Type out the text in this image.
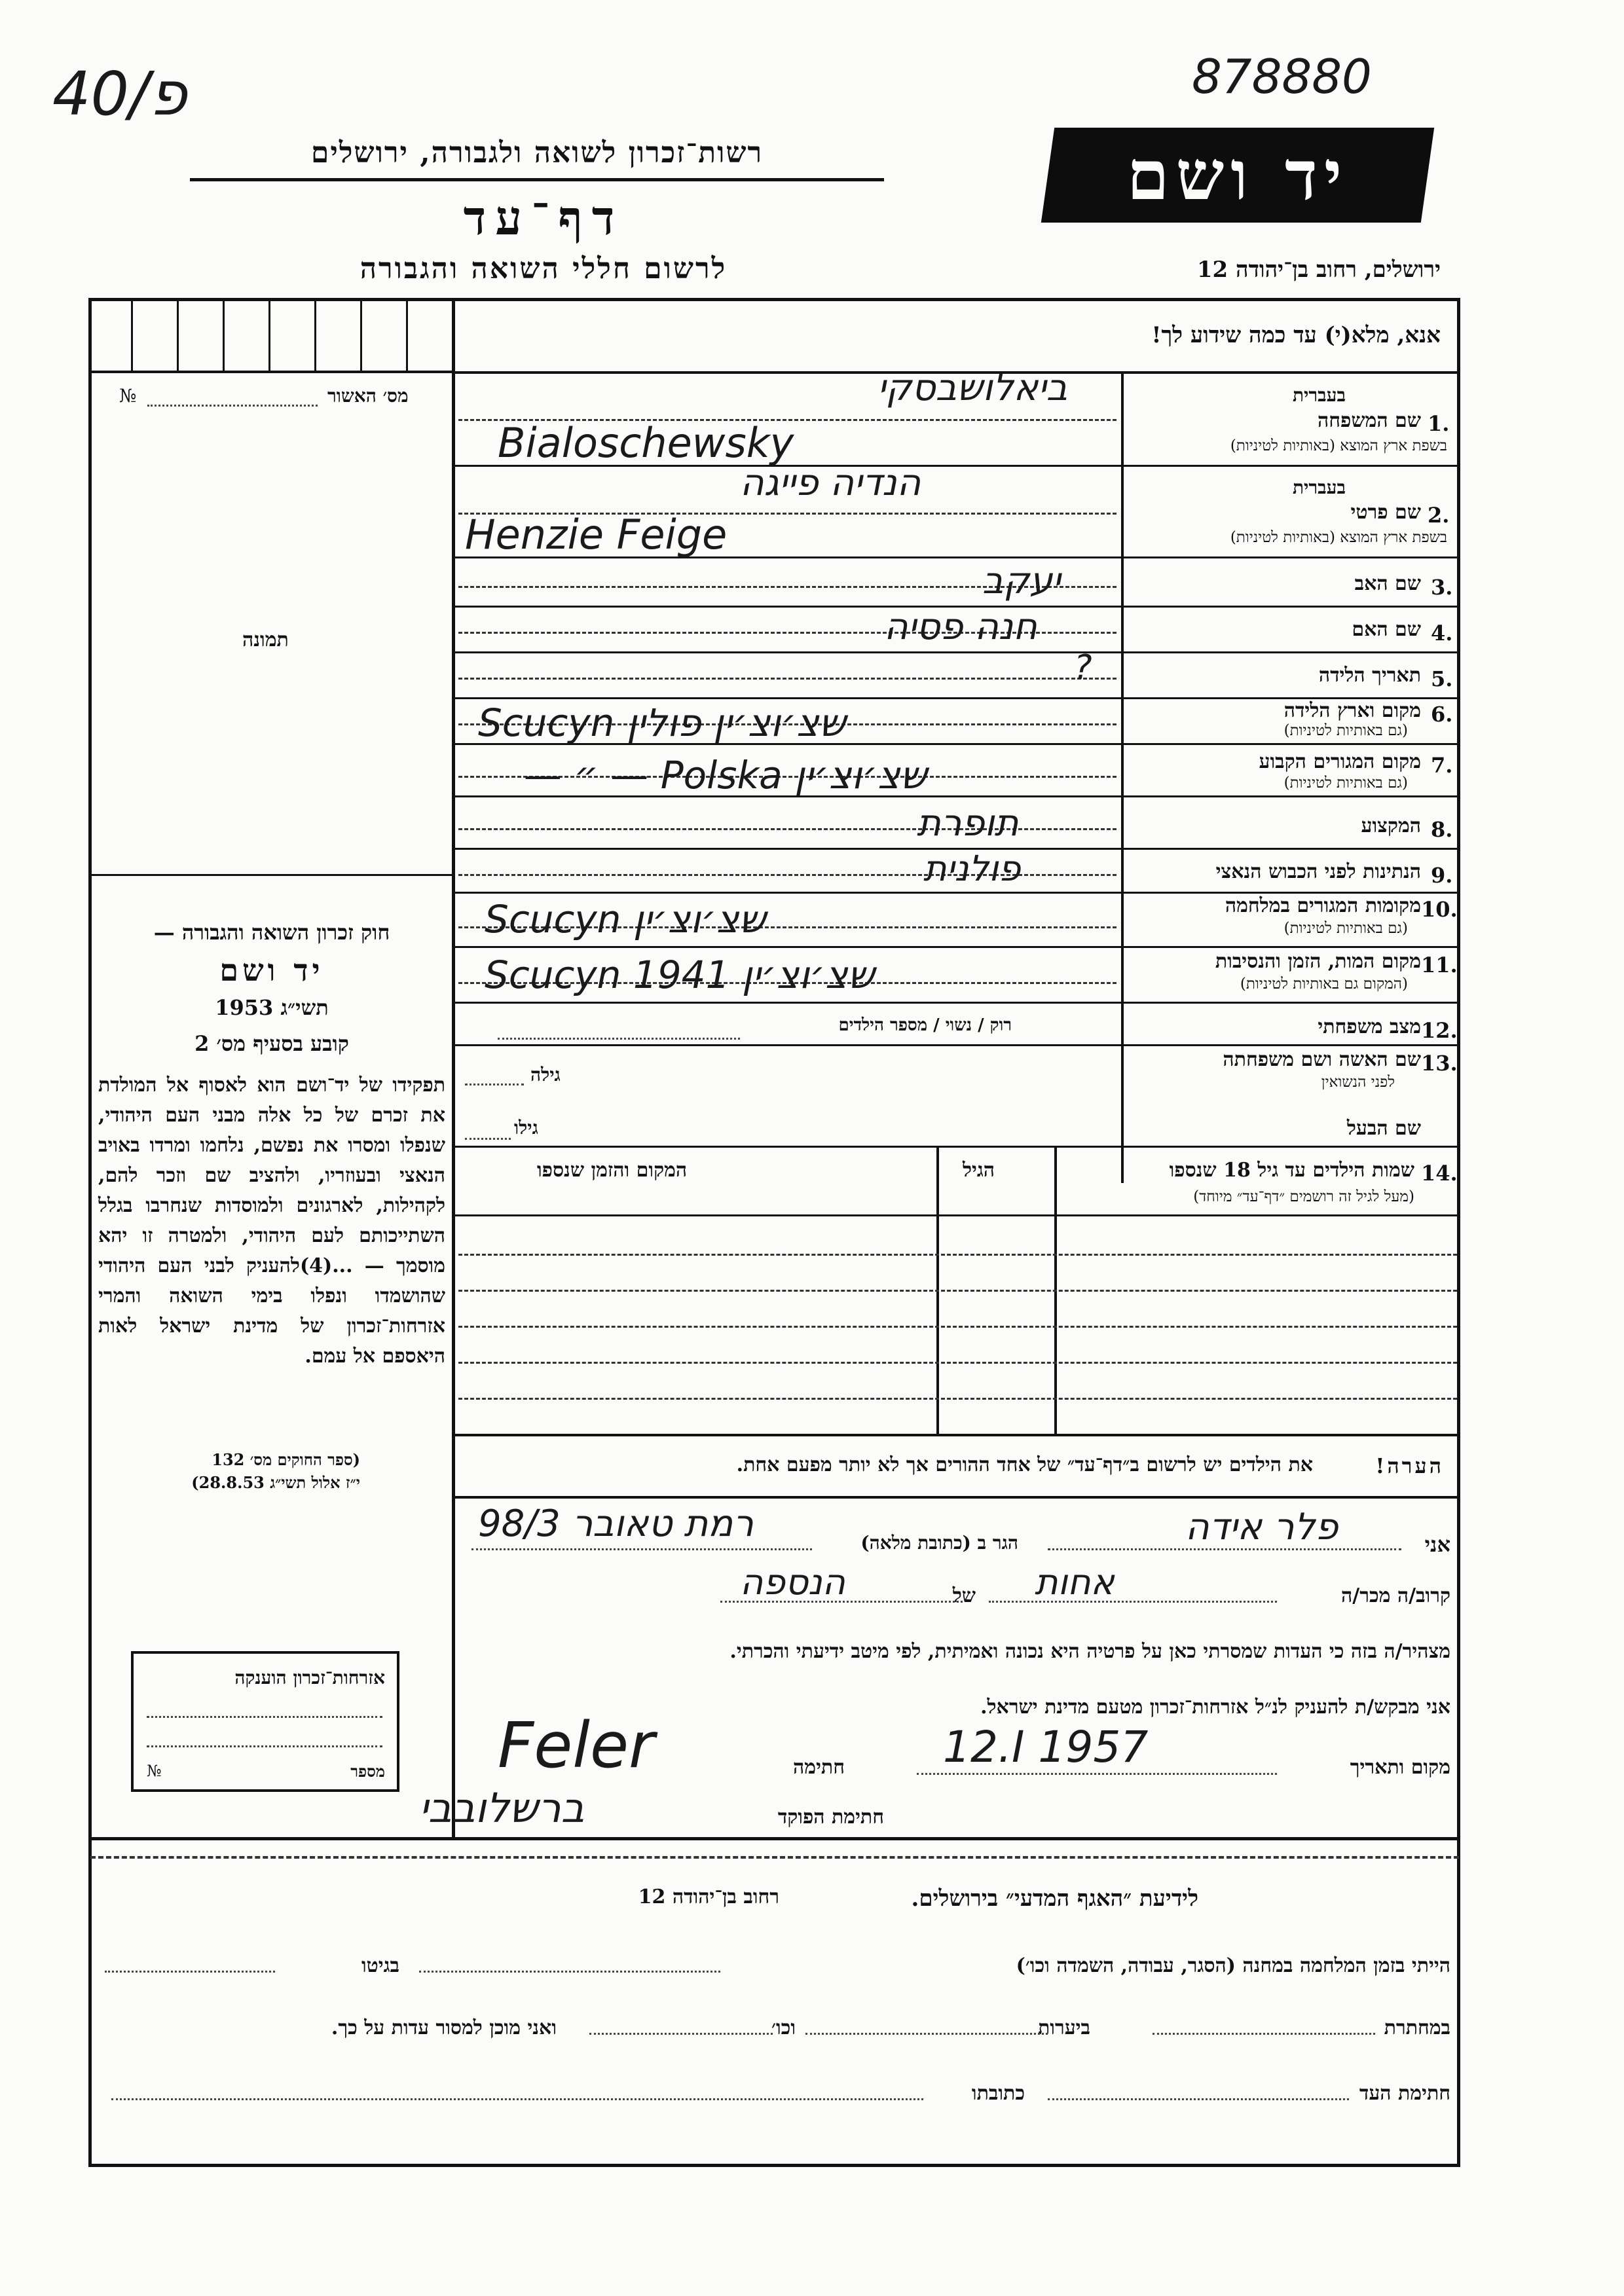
40/פ	878880
רשות־זכרון לשואה ולגבורה, ירושלים
דף־עד
לרשום חללי השואה והגבורה
יד ושם
ירושלים, רחוב בן־יהודה 12
אנא, מלא(י) עד כמה שידוע לך!
מס׳ האשור
№
תמונה
חוק זכרון השואה והגבורה —
יד ושם
תשי״ג 1953
קובע בסעיף מס׳ 2
תפקידו של יד־ושם הוא לאסוף אל המולדת את זכרם של כל אלה מבני העם היהודי, שנפלו ומסרו את נפשם, נלחמו ומרדו באויב הנאצי ובעוזריו, ולהציב שם וזכר להם, לקהילות, לארגונים ולמוסדות שנחרבו בגלל השתייכותם לעם היהודי, ולמטרה זו יהא מוסמך — ...(4)להעניק לבני העם היהודי שהושמדו ונפלו בימי השואה והמרי אזרחות־זכרון של מדינת ישראל לאות היאספם אל עמם.
(ספר החוקים מס׳ 132
י״ז אלול תשי״ג 28.8.53)
בעברית
1.
שם המשפחה
בשפת ארץ המוצא (באותיות לטיניות)
ביאלושבסקי
Bialoschewsky
בעברית
2.
שם פרטי
בשפת ארץ המוצא (באותיות לטיניות)
הנדיה פייגה
Henzie Feige
3.
שם האב
יעקב
4.
שם האם
חנה פסיה
5.
תאריך הלידה
?
6.
מקום וארץ הלידה
(גם באותיות לטיניות)
Scucyn שצ׳וצ׳ין פולין
7.
מקום המגורים הקבוע
(גם באותיות לטיניות)
— ״ — Polska שצ׳וצ׳ין
8.
המקצוע
תופרת
9.
הנתינות לפני הכבוש הנאצי
פולנית
10.
מקומות המגורים במלחמה
(גם באותיות לטיניות)
Scucyn שצ׳וצ׳ין
11.
מקום המות, הזמן והנסיבות
(המקום גם באותיות לטיניות)
Scucyn שצ׳וצ׳ין 1941
12.
מצב משפחתי
רוק / נשוי / מספר הילדים
13.
שם האשה ושם משפחתה
לפני הנשואין
גילה
שם הבעל
גילו
14.
שמות הילדים עד גיל 18 שנספו
(מעל לגיל זה רושמים ״דף־עד״ מיוחד)
הגיל
המקום והזמן שנספו
הערה!
את הילדים יש לרשום ב״דף־עד״ של אחד ההורים אך לא יותר מפעם אחת.
אני
פלר אידה
הגר ב (כתובת מלאה)
רמת טאובר 98/3
קרוב/ה מכר/ה
אחות
של
הנספה
מצהיר/ה בזה כי העדות שמסרתי כאן על פרטיה היא נכונה ואמיתית, לפי מיטב ידיעתי והכרתי.
אני מבקש/ת להעניק לנ״ל אזרחות־זכרון מטעם מדינת ישראל.
מקום ותאריך
12.I 1957
חתימה
Feler
חתימת הפוקד
ברשלובבי
אזרחות־זכרון הוענקה
מספר
№
לידיעת ״האגף המדעי״ בירושלים.
רחוב בן־יהודה 12
הייתי בזמן המלחמה במחנה (הסגר, עבודה, השמדה וכו׳)
בגיטו
במחתרת
ביערות
וכו׳
ואני מוכן למסור עדות על כך.
חתימת העד
כתובתו
